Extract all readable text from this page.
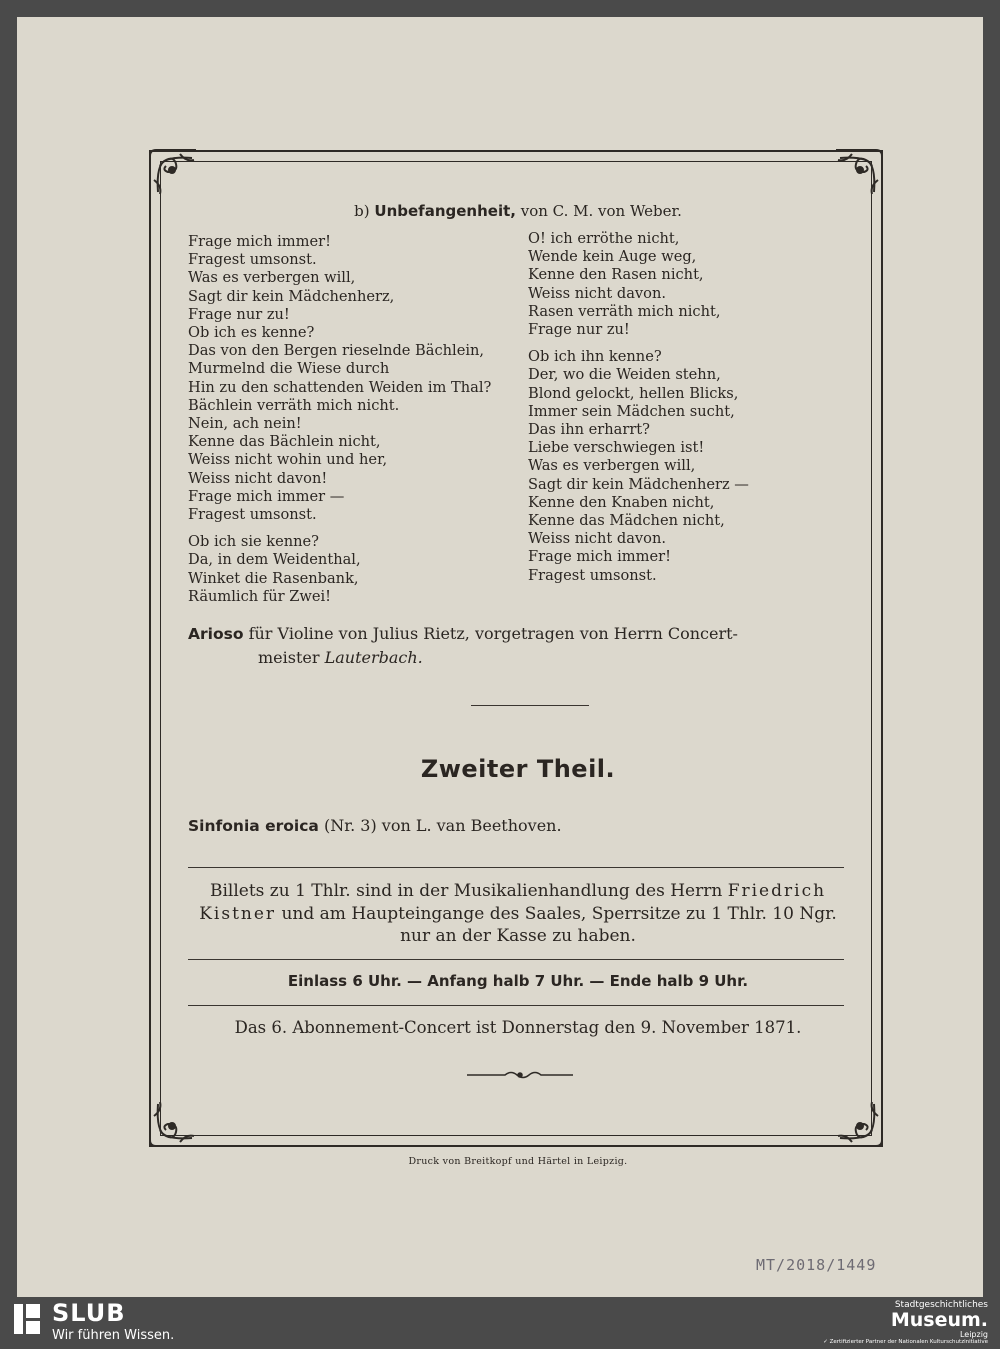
b) Unbefangenheit, von C. M. von Weber.
Frage mich immer!
Fragest umsonst.
Was es verbergen will,
Sagt dir kein Mädchenherz,
Frage nur zu!
Ob ich es kenne?
Das von den Bergen rieselnde Bächlein,
Murmelnd die Wiese durch
Hin zu den schattenden Weiden im Thal?
Bächlein verräth mich nicht.
Nein, ach nein!
Kenne das Bächlein nicht,
Weiss nicht wohin und her,
Weiss nicht davon!
Frage mich immer —
Fragest umsonst.
Ob ich sie kenne?
Da, in dem Weidenthal,
Winket die Rasenbank,
Räumlich für Zwei!
O! ich erröthe nicht,
Wende kein Auge weg,
Kenne den Rasen nicht,
Weiss nicht davon.
Rasen verräth mich nicht,
Frage nur zu!
Ob ich ihn kenne?
Der, wo die Weiden stehn,
Blond gelockt, hellen Blicks,
Immer sein Mädchen sucht,
Das ihn erharrt?
Liebe verschwiegen ist!
Was es verbergen will,
Sagt dir kein Mädchenherz —
Kenne den Knaben nicht,
Kenne das Mädchen nicht,
Weiss nicht davon.
Frage mich immer!
Fragest umsonst.
Arioso für Violine von Julius Rietz, vorgetragen von Herrn Concert-
meister Lauterbach.
Zweiter Theil.
Sinfonia eroica (Nr. 3) von L. van Beethoven.
Billets zu 1 Thlr. sind in der Musikalienhandlung des Herrn Friedrich
Kistner und am Haupteingange des Saales, Sperrsitze zu 1 Thlr. 10 Ngr.
nur an der Kasse zu haben.
Einlass 6 Uhr. — Anfang halb 7 Uhr. — Ende halb 9 Uhr.
Das 6. Abonnement-Concert ist Donnerstag den 9. November 1871.
Druck von Breitkopf und Härtel in Leipzig.
MT/2018/1449
SLUB
Wir führen Wissen.
Stadtgeschichtliches
Museum.
Leipzig
✓ Zertifizierter Partner der Nationalen Kulturschutzinitiative
